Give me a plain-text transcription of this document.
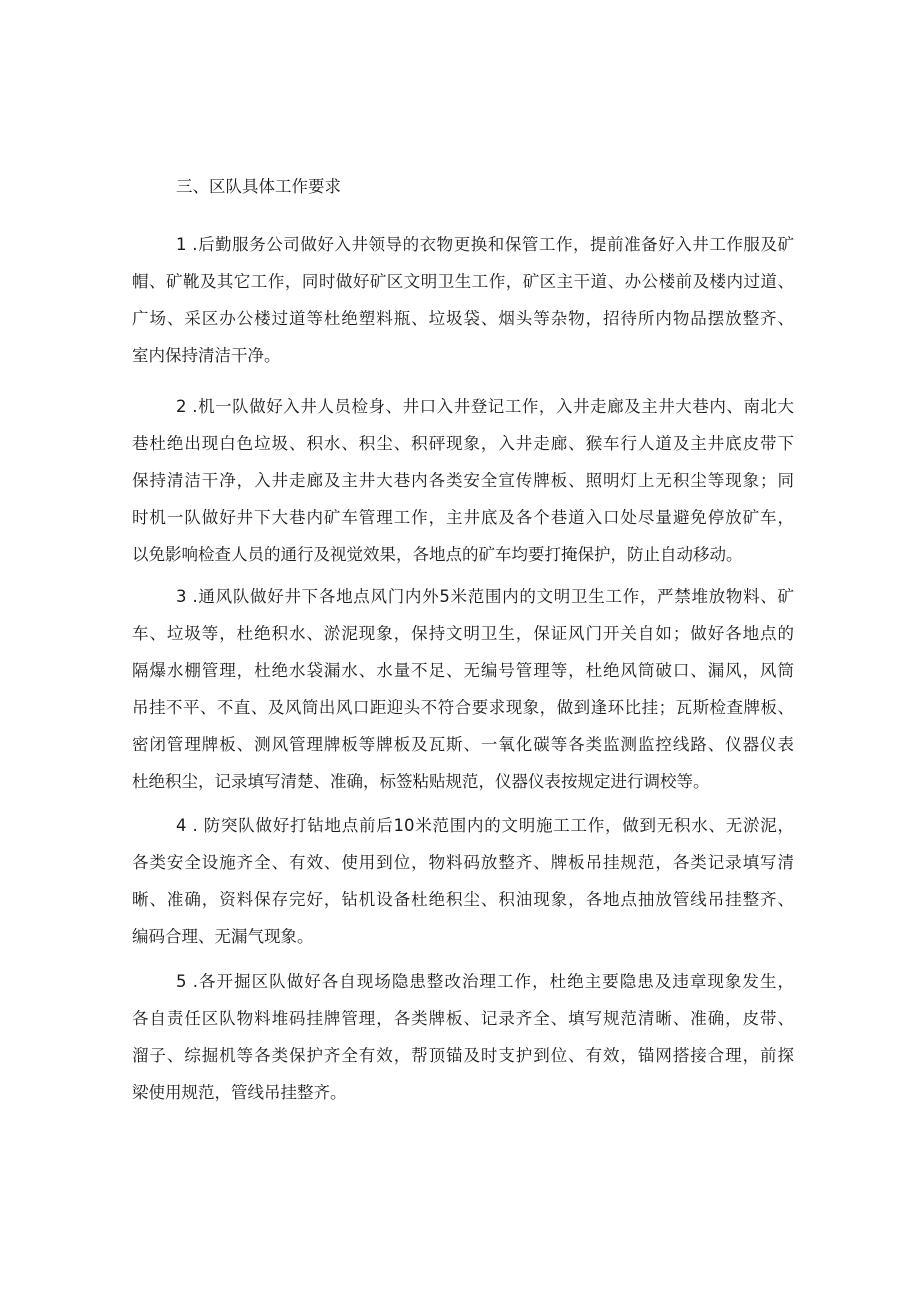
三、区队具体工作要求
1 .后勤服务公司做好入井领导的衣物更换和保管工作，提前准备好入井工作服及矿
帽、矿靴及其它工作，同时做好矿区文明卫生工作，矿区主干道、办公楼前及楼内过道、
广场、采区办公楼过道等杜绝塑料瓶、垃圾袋、烟头等杂物，招待所内物品摆放整齐、
室内保持清洁干净。
2 .机一队做好入井人员检身、井口入井登记工作，入井走廊及主井大巷内、南北大
巷杜绝出现白色垃圾、积水、积尘、积砰现象，入井走廊、猴车行人道及主井底皮带下
保持清洁干净，入井走廊及主井大巷内各类安全宣传牌板、照明灯上无积尘等现象；同
时机一队做好井下大巷内矿车管理工作，主井底及各个巷道入口处尽量避免停放矿车，
以免影响检查人员的通行及视觉效果，各地点的矿车均要打掩保护，防止自动移动。
3 .通风队做好井下各地点风门内外5米范围内的文明卫生工作，严禁堆放物料、矿
车、垃圾等，杜绝积水、淤泥现象，保持文明卫生，保证风门开关自如；做好各地点的
隔爆水棚管理，杜绝水袋漏水、水量不足、无编号管理等，杜绝风筒破口、漏风，风筒
吊挂不平、不直、及风筒出风口距迎头不符合要求现象，做到逢环比挂；瓦斯检查牌板、
密闭管理牌板、测风管理牌板等牌板及瓦斯、一氧化碳等各类监测监控线路、仪器仪表
杜绝积尘，记录填写清楚、准确，标签粘贴规范，仪器仪表按规定进行调校等。
4 . 防突队做好打钻地点前后10米范围内的文明施工工作，做到无积水、无淤泥，
各类安全设施齐全、有效、使用到位，物料码放整齐、牌板吊挂规范，各类记录填写清
晰、准确，资料保存完好，钻机设备杜绝积尘、积油现象，各地点抽放管线吊挂整齐、
编码合理、无漏气现象。
5 .各开掘区队做好各自现场隐患整改治理工作，杜绝主要隐患及违章现象发生，
各自责任区队物料堆码挂牌管理，各类牌板、记录齐全、填写规范清晰、准确，皮带、
溜子、综掘机等各类保护齐全有效，帮顶锚及时支护到位、有效，锚网搭接合理，前探
梁使用规范，管线吊挂整齐。
